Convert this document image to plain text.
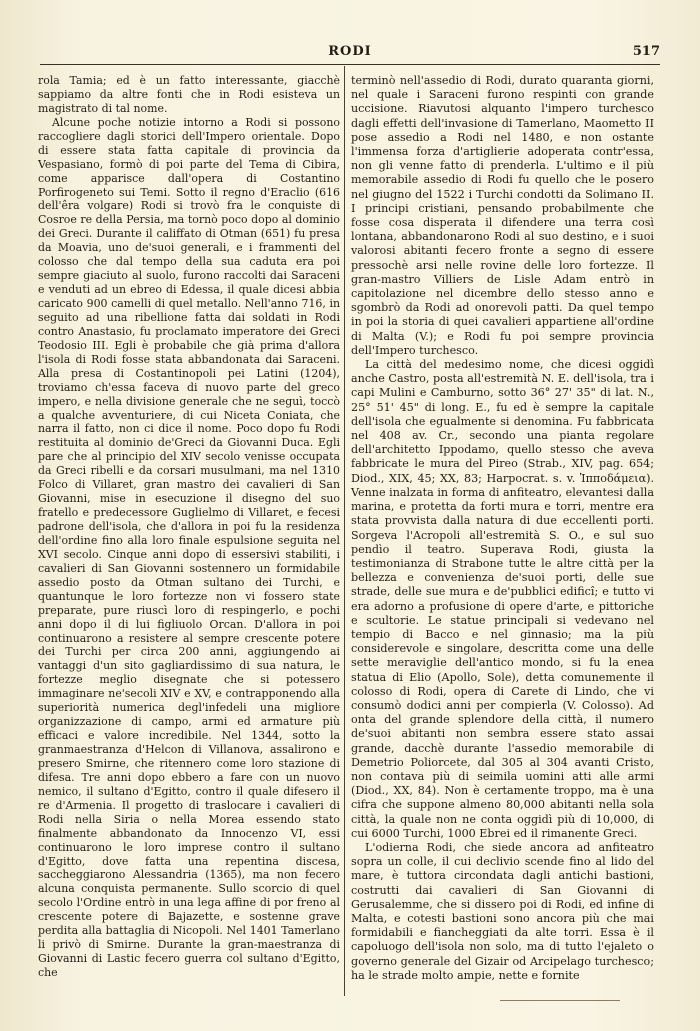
RODI	517

rola Tamia; ed è un fatto interessante, giacchè sappiamo da altre fonti che in Rodi esisteva un magistrato di tal nome.

Alcune poche notizie intorno a Rodi si possono raccogliere dagli storici dell'Impero orientale. Dopo di essere stata fatta capitale di provincia da Vespasiano, formò di poi parte del Tema di Cibira, come apparisce dall'opera di Costantino Porfirogeneto sui Temi. Sotto il regno d'Eraclio (616 dell'êra volgare) Rodi si trovò fra le conquiste di Cosroe re della Persia, ma tornò poco dopo al dominio dei Greci. Durante il califfato di Otman (651) fu presa da Moavia, uno de'suoi generali, e i frammenti del colosso che dal tempo della sua caduta era poi sempre giaciuto al suolo, furono raccolti dai Saraceni e venduti ad un ebreo di Edessa, il quale dicesi abbia caricato 900 camelli di quel metallo. Nell'anno 716, in seguito ad una ribellione fatta dai soldati in Rodi contro Anastasio, fu proclamato imperatore dei Greci Teodosio III. Egli è probabile che già prima d'allora l'isola di Rodi fosse stata abbandonata dai Saraceni. Alla presa di Costantinopoli pei Latini (1204), troviamo ch'essa faceva di nuovo parte del greco impero, e nella divisione generale che ne seguì, toccò a qualche avventuriere, di cui Niceta Coniata, che narra il fatto, non ci dice il nome. Poco dopo fu Rodi restituita al dominio de'Greci da Giovanni Duca. Egli pare che al principio del XIV secolo venisse occupata da Greci ribelli e da corsari musulmani, ma nel 1310 Folco di Villaret, gran mastro dei cavalieri di San Giovanni, mise in esecuzione il disegno del suo fratello e predecessore Guglielmo di Villaret, e fecesi padrone dell'isola, che d'allora in poi fu la residenza dell'ordine fino alla loro finale espulsione seguita nel XVI secolo. Cinque anni dopo di essersivi stabiliti, i cavalieri di San Giovanni sostennero un formidabile assedio posto da Otman sultano dei Turchi, e quantunque le loro fortezze non vi fossero state preparate, pure riuscì loro di respingerlo, e pochi anni dopo il di lui figliuolo Orcan. D'allora in poi continuarono a resistere al sempre crescente potere dei Turchi per circa 200 anni, aggiungendo ai vantaggi d'un sito gagliardissimo di sua natura, le fortezze meglio disegnate che si potessero immaginare ne'secoli XIV e XV, e contrapponendo alla superiorità numerica degl'infedeli una migliore organizzazione di campo, armi ed armature più efficaci e valore incredibile. Nel 1344, sotto la granmaestranza d'Helcon di Villanova, assalirono e presero Smirne, che ritennero come loro stazione di difesa. Tre anni dopo ebbero a fare con un nuovo nemico, il sultano d'Egitto, contro il quale difesero il re d'Armenia. Il progetto di traslocare i cavalieri di Rodi nella Siria o nella Morea essendo stato finalmente abbandonato da Innocenzo VI, essi continuarono le loro imprese contro il sultano d'Egitto, dove fatta una repentina discesa, saccheggiarono Alessandria (1365), ma non fecero alcuna conquista permanente. Sullo scorcio di quel secolo l'Ordine entrò in una lega affine di por freno al crescente potere di Bajazette, e sostenne grave perdita alla battaglia di Nicopoli. Nel 1401 Tamerlano li privò di Smirne. Durante la gran-maestranza di Giovanni di Lastic fecero guerra col sultano d'Egitto, che

terminò nell'assedio di Rodi, durato quaranta giorni, nel quale i Saraceni furono respinti con grande uccisione. Riavutosi alquanto l'impero turchesco dagli effetti dell'invasione di Tamerlano, Maometto II pose assedio a Rodi nel 1480, e non ostante l'immensa forza d'artiglierie adoperata contr'essa, non gli venne fatto di prenderla. L'ultimo e il più memorabile assedio di Rodi fu quello che le posero nel giugno del 1522 i Turchi condotti da Solimano II. I principi cristiani, pensando probabilmente che fosse cosa disperata il difendere una terra così lontana, abbandonarono Rodi al suo destino, e i suoi valorosi abitanti fecero fronte a segno di essere pressochè arsi nelle rovine delle loro fortezze. Il gran-mastro Villiers de Lisle Adam entrò in capitolazione nel dicembre dello stesso anno e sgombrò da Rodi ad onorevoli patti. Da quel tempo in poi la storia di quei cavalieri appartiene all'ordine di Malta (V.); e Rodi fu poi sempre provincia dell'Impero turchesco.

La città del medesimo nome, che dicesi oggidì anche Castro, posta all'estremità N. E. dell'isola, tra i capi Mulini e Camburno, sotto 36° 27' 35" di lat. N., 25° 51' 45" di long. E., fu ed è sempre la capitale dell'isola che egualmente si denomina. Fu fabbricata nel 408 av. Cr., secondo una pianta regolare dell'architetto Ippodamo, quello stesso che aveva fabbricate le mura del Pireo (Strab., XIV, pag. 654; Diod., XIX, 45; XX, 83; Harpocrat. s. v. Ἱπποδάμεια). Venne inalzata in forma di anfiteatro, elevantesi dalla marina, e protetta da forti mura e torri, mentre era stata provvista dalla natura di due eccellenti porti. Sorgeva l'Acropoli all'estremità S. O., e sul suo pendìo il teatro. Superava Rodi, giusta la testimonianza di Strabone tutte le altre città per la bellezza e convenienza de'suoi porti, delle sue strade, delle sue mura e de'pubblici edificî; e tutto vi era adorno a profusione di opere d'arte, e pittoriche e scultorie. Le statue principali si vedevano nel tempio di Bacco e nel ginnasio; ma la più considerevole e singolare, descritta come una delle sette meraviglie dell'antico mondo, si fu la enea statua di Elio (Apollo, Sole), detta comunemente il colosso di Rodi, opera di Carete di Lindo, che vi consumò dodici anni per compierla (V. Colosso). Ad onta del grande splendore della città, il numero de'suoi abitanti non sembra essere stato assai grande, dacchè durante l'assedio memorabile di Demetrio Poliorcete, dal 305 al 304 avanti Cristo, non contava più di seimila uomini atti alle armi (Diod., XX, 84). Non è certamente troppo, ma è una cifra che suppone almeno 80,000 abitanti nella sola città, la quale non ne conta oggidì più di 10,000, di cui 6000 Turchi, 1000 Ebrei ed il rimanente Greci.

L'odierna Rodi, che siede ancora ad anfiteatro sopra un colle, il cui declivio scende fino al lido del mare, è tuttora circondata dagli antichi bastioni, costrutti dai cavalieri di San Giovanni di Gerusalemme, che si dissero poi di Rodi, ed infine di Malta, e cotesti bastioni sono ancora più che mai formidabili e fiancheggiati da alte torri. Essa è il capoluogo dell'isola non solo, ma di tutto l'ejaleto o governo generale del Gizair od Arcipelago turchesco; ha le strade molto ampie, nette e fornite
